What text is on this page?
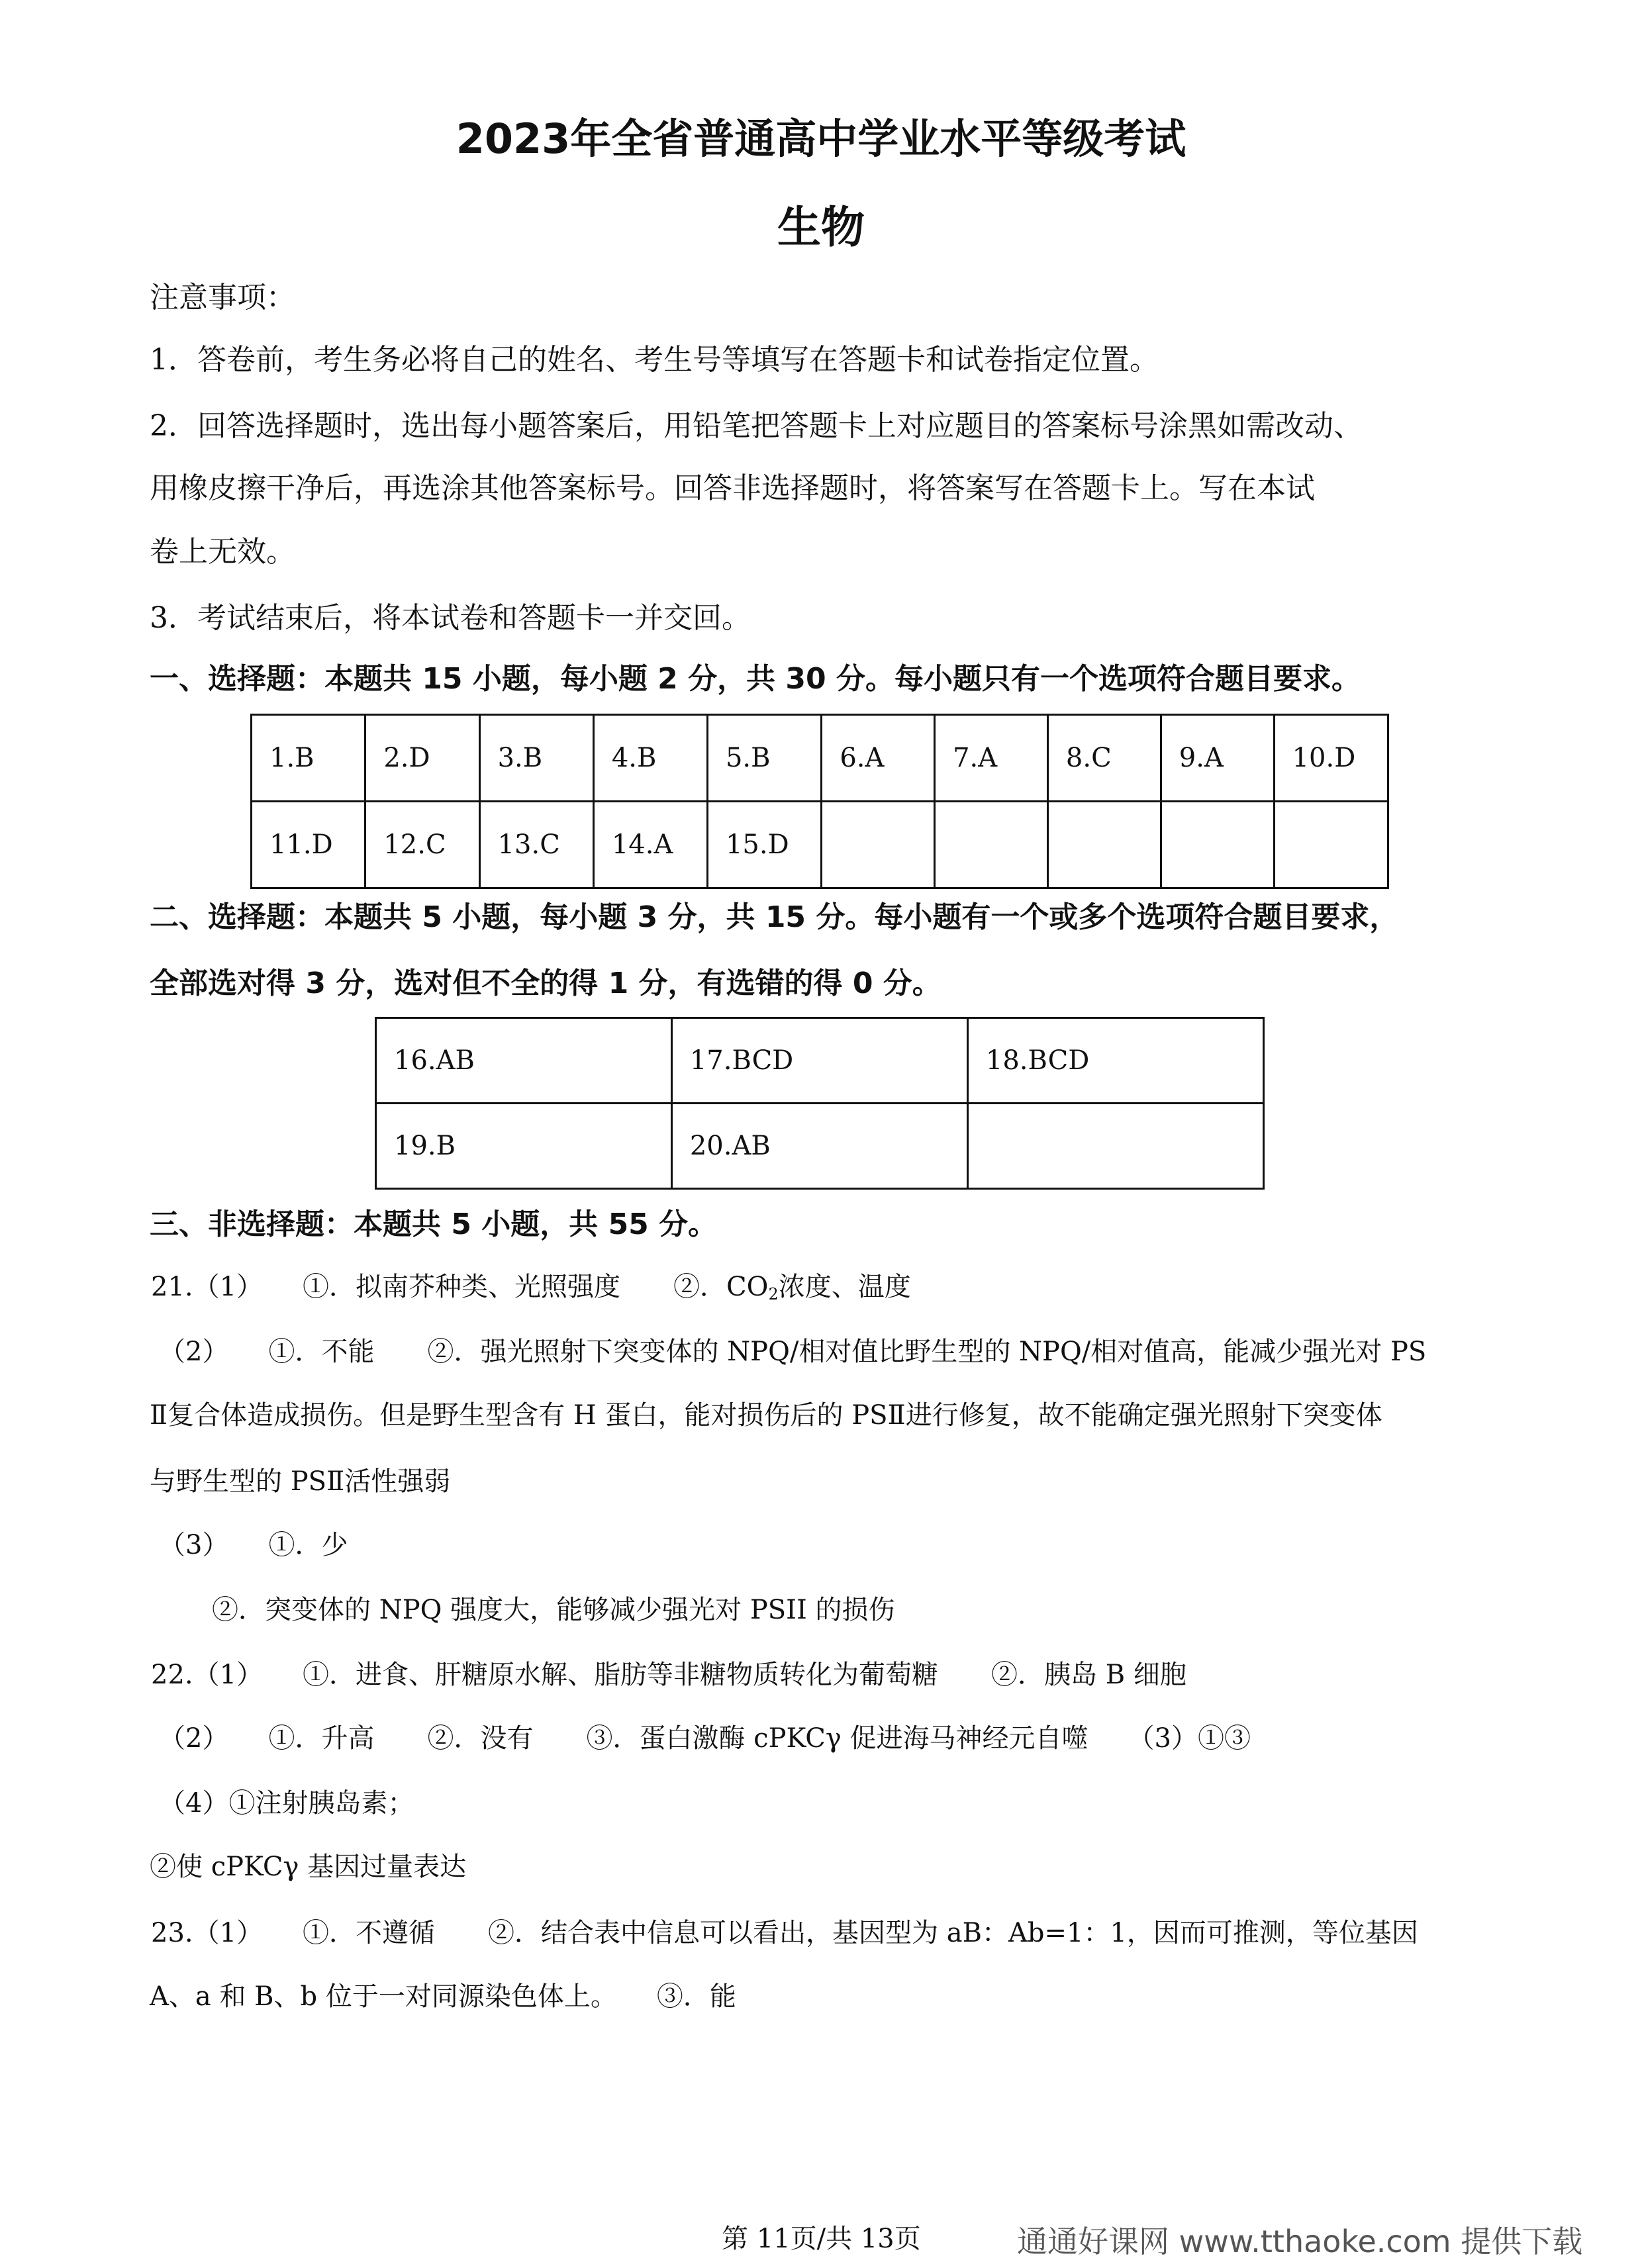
2023年全省普通高中学业水平等级考试
生物
注意事项：
1．答卷前，考生务必将自己的姓名、考生号等填写在答题卡和试卷指定位置。
2．回答选择题时，选出每小题答案后，用铅笔把答题卡上对应题目的答案标号涂黑如需改动、
用橡皮擦干净后，再选涂其他答案标号。回答非选择题时，将答案写在答题卡上。写在本试
卷上无效。
3．考试结束后，将本试卷和答题卡一并交回。
一、选择题：本题共 15 小题，每小题 2 分，共 30 分。每小题只有一个选项符合题目要求。
1.B	2.D	3.B	4.B	5.B	6.A	7.A	8.C	9.A	10.D
11.D	12.C	13.C	14.A	15.D					
二、选择题：本题共 5 小题，每小题 3 分，共 15 分。每小题有一个或多个选项符合题目要求，
全部选对得 3 分，选对但不全的得 1 分，有选错的得 0 分。
16.AB	17.BCD	18.BCD
19.B	20.AB	
三、非选择题：本题共 5 小题，共 55 分。
21.（1）　　①．拟南芥种类、光照强度　　②．$CO_2$浓度、温度
（2）　　①．不能　　②．强光照射下突变体的 NPQ/相对值比野生型的 NPQ/相对值高，能减少强光对 PS
Ⅱ复合体造成损伤。但是野生型含有 H 蛋白，能对损伤后的 PSⅡ进行修复，故不能确定强光照射下突变体
与野生型的 PSⅡ活性强弱
（3）　　①．少
②．突变体的 NPQ 强度大，能够减少强光对 PSII 的损伤
22.（1）　　①．进食、肝糖原水解、脂肪等非糖物质转化为葡萄糖　　②．胰岛 B 细胞
（2）　　①．升高　　②．没有　　③．蛋白激酶 cPKCγ 促进海马神经元自噬　　（3）①③
（4）①注射胰岛素；
②使 cPKCγ 基因过量表达
23.（1）　　①．不遵循　　②．结合表中信息可以看出，基因型为 aB：Ab=1：1，因而可推测，等位基因
A、a 和 B、b 位于一对同源染色体上。　　③．能
第 11页/共 13页	通通好课网 www.tthaoke.com 提供下载
